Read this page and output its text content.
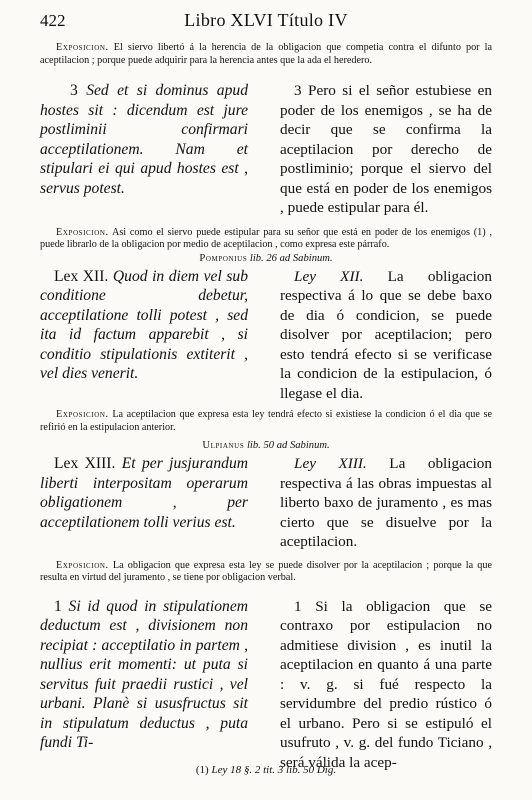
422	Libro XLVI Título IV

Exposicion. El siervo libertó á la herencia de la obligacion que competia contra el difunto por la aceptilacion ; porque puede adquirir para la herencia antes que la ada el heredero.

3 Sed et si dominus apud hostes sit : dicendum est jure postliminii confirmari acceptilationem. Nam et stipulari ei qui apud hostes est , servus potest.
3 Pero si el señor estubiese en poder de los enemigos , se ha de decir que se confirma la aceptilacion por derecho de postliminio; porque el siervo del que está en poder de los enemigos , puede estipular para él.

Exposicion. Asi como el siervo puede estipular para su señor que está en poder de los enemigos (1) , puede librarlo de la obligacion por medio de aceptilacion , como expresa este párrafo.

Pomponius lib. 26 ad Sabinum.
Lex XII. Quod in diem vel sub conditione debetur, acceptilatione tolli potest , sed ita id factum apparebit , si conditio stipulationis extiterit , vel dies venerit.
Ley XII. La obligacion respectiva á lo que se debe baxo de dia ó condicion, se puede disolver por aceptilacion; pero esto tendrá efecto si se verificase la condicion de la estipulacion, ó llegase el dia.

Exposicion. La aceptilacion que expresa esta ley tendrá efecto si existiese la condicion ó el dia que se refirió en la estipulacion anterior.

Ulpianus lib. 50 ad Sabinum.
Lex XIII. Et per jusjurandum liberti interpositam operarum obligationem , per acceptilationem tolli verius est.
Ley XIII. La obligacion respectiva á las obras impuestas al liberto baxo de juramento , es mas cierto que se disuelve por la aceptilacion.

Exposicion. La obligacion que expresa esta ley se puede disolver por la aceptilacion ; porque la que resulta en virtud del juramento , se tiene por obligacion verbal.

1 Si id quod in stipulationem deductum est , divisionem non recipiat : acceptilatio in partem , nullius erit momenti: ut puta si servitus fuit praedii rustici , vel urbani. Planè si ususfructus sit in stipulatum deductus , puta fundi Ti-
1 Si la obligacion que se contraxo por estipulacion no admitiese division , es inutil la aceptilacion en quanto á una parte : v. g. si fué respecto la servidumbre del predio rústico ó el urbano. Pero si se estipuló el usufruto , v. g. del fundo Ticiano , será válida la acep-
(1) Ley 18 §. 2 tit. 3 lib. 50 Dig.
